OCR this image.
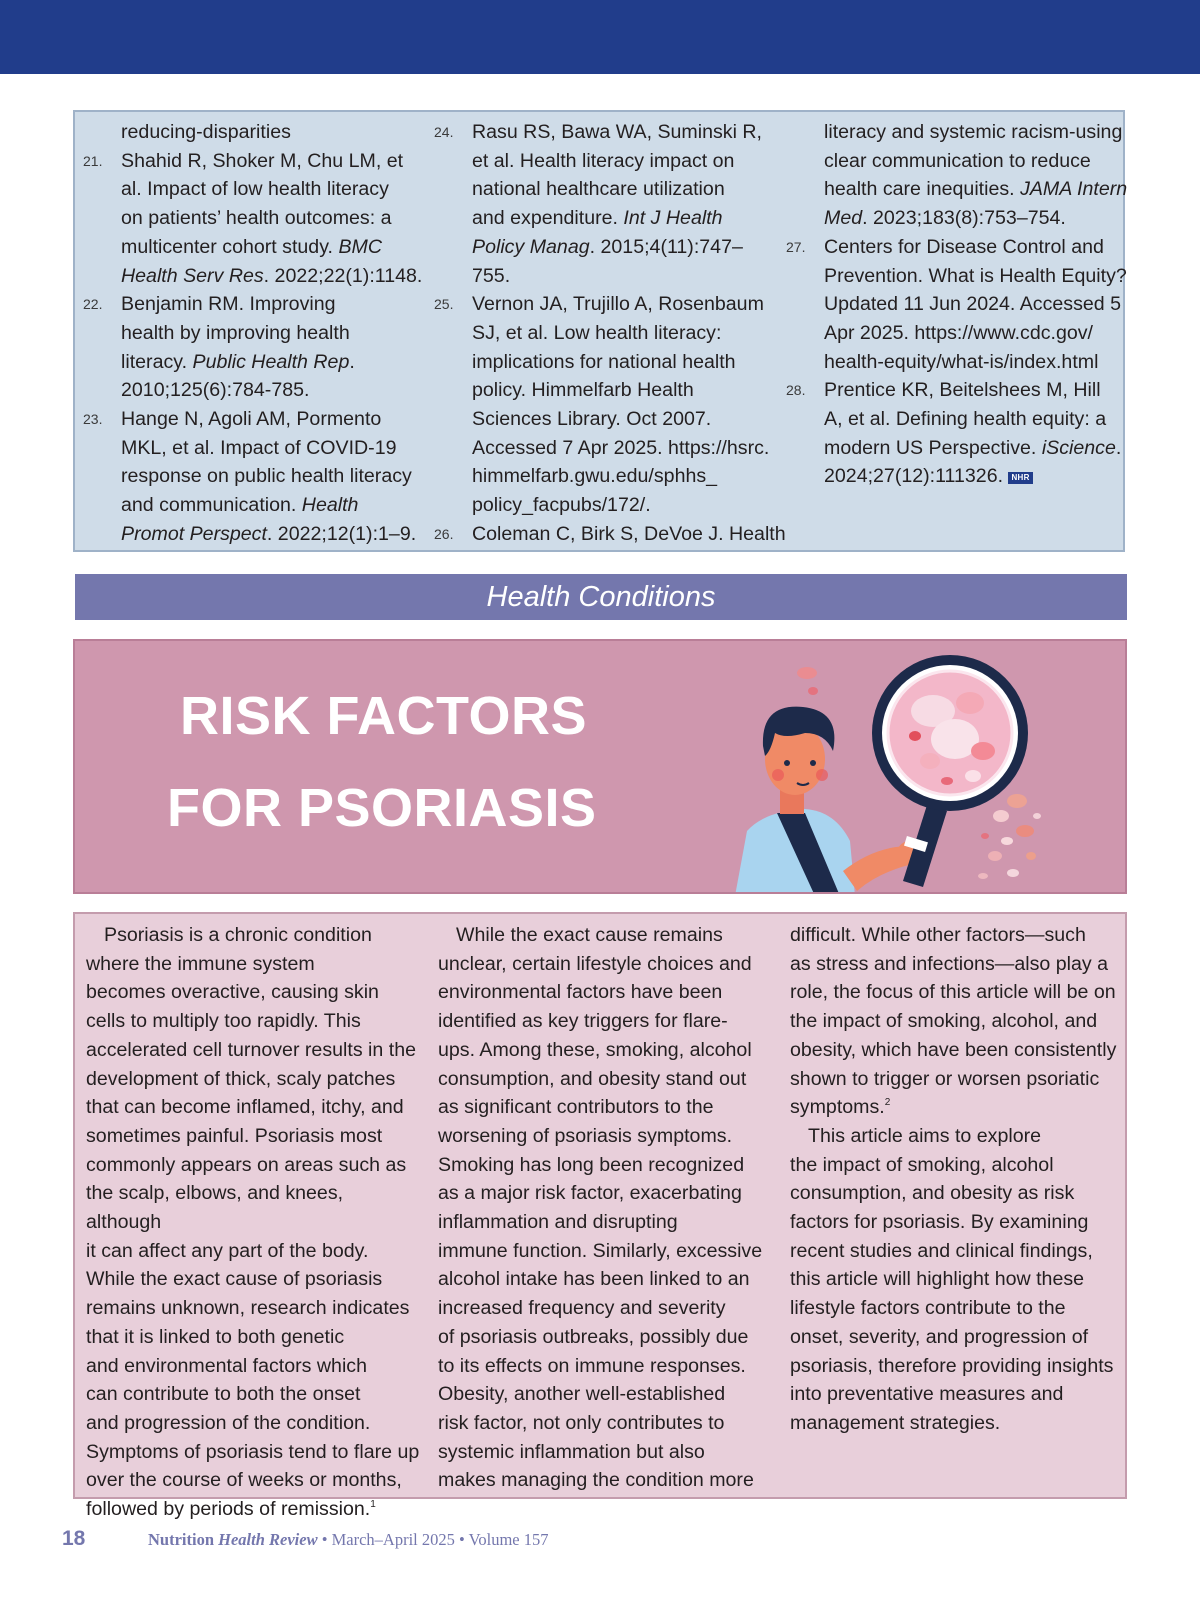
reducing-disparities
21. Shahid R, Shoker M, Chu LM, et
al. Impact of low health literacy
on patients’ health outcomes: a
multicenter cohort study. BMC
Health Serv Res. 2022;22(1):1148.
22. Benjamin RM. Improving
health by improving health
literacy. Public Health Rep.
2010;125(6):784-785.
23. Hange N, Agoli AM, Pormento
MKL, et al. Impact of COVID-19
response on public health literacy
and communication. Health
Promot Perspect. 2022;12(1):1–9.
24. Rasu RS, Bawa WA, Suminski R,
et al. Health literacy impact on
national healthcare utilization
and expenditure. Int J Health
Policy Manag. 2015;4(11):747–
755.
25. Vernon JA, Trujillo A, Rosenbaum
SJ, et al. Low health literacy:
implications for national health
policy. Himmelfarb Health
Sciences Library. Oct 2007.
Accessed 7 Apr 2025. https://hsrc.
himmelfarb.gwu.edu/sphhs_
policy_facpubs/172/.
26. Coleman C, Birk S, DeVoe J. Health
literacy and systemic racism-using
clear communication to reduce
health care inequities. JAMA Intern
Med. 2023;183(8):753–754.
27. Centers for Disease Control and
Prevention. What is Health Equity?
Updated 11 Jun 2024. Accessed 5
Apr 2025. https://www.cdc.gov/
health-equity/what-is/index.html
28. Prentice KR, Beitelshees M, Hill
A, et al. Defining health equity: a
modern US Perspective. iScience.
2024;27(12):111326. NHR
Health Conditions
RISK FACTORS
FOR PSORIASIS

Psoriasis is a chronic condition
where the immune system
becomes overactive, causing skin
cells to multiply too rapidly. This
accelerated cell turnover results in the
development of thick, scaly patches
that can become inflamed, itchy, and
sometimes painful. Psoriasis most
commonly appears on areas such as
the scalp, elbows, and knees, although
it can affect any part of the body.
While the exact cause of psoriasis
remains unknown, research indicates
that it is linked to both genetic
and environmental factors which
can contribute to both the onset
and progression of the condition.
Symptoms of psoriasis tend to flare up
over the course of weeks or months,
followed by periods of remission.$^1$

While the exact cause remains
unclear, certain lifestyle choices and
environmental factors have been
identified as key triggers for flare-
ups. Among these, smoking, alcohol
consumption, and obesity stand out
as significant contributors to the
worsening of psoriasis symptoms.
Smoking has long been recognized
as a major risk factor, exacerbating
inflammation and disrupting
immune function. Similarly, excessive
alcohol intake has been linked to an
increased frequency and severity
of psoriasis outbreaks, possibly due
to its effects on immune responses.
Obesity, another well-established
risk factor, not only contributes to
systemic inflammation but also
makes managing the condition more

difficult. While other factors—such
as stress and infections—also play a
role, the focus of this article will be on
the impact of smoking, alcohol, and
obesity, which have been consistently
shown to trigger or worsen psoriatic
symptoms.$^2$

This article aims to explore
the impact of smoking, alcohol
consumption, and obesity as risk
factors for psoriasis. By examining
recent studies and clinical findings,
this article will highlight how these
lifestyle factors contribute to the
onset, severity, and progression of
psoriasis, therefore providing insights
into preventative measures and
management strategies.

18	Nutrition Health Review • March–April 2025 • Volume 157
